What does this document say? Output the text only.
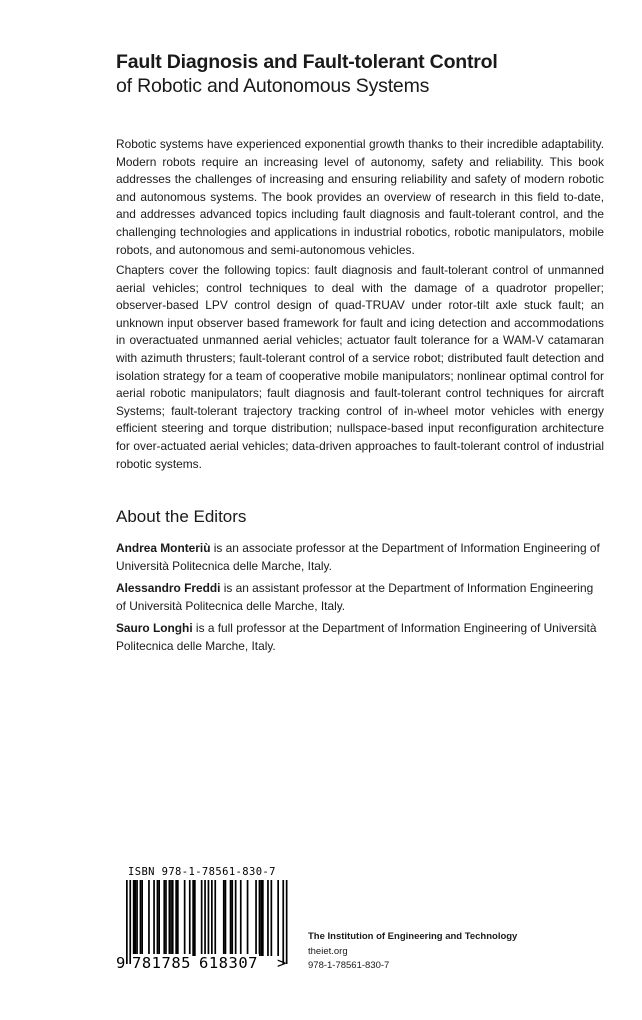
Fault Diagnosis and Fault-tolerant Control
of Robotic and Autonomous Systems

Robotic systems have experienced exponential growth thanks to their incredible adaptability. Modern robots require an increasing level of autonomy, safety and reliability. This book addresses the challenges of increasing and ensuring reliability and safety of modern robotic and autonomous systems. The book provides an overview of research in this field to-date, and addresses advanced topics including fault diagnosis and fault-tolerant control, and the challenging technologies and applications in industrial robotics, robotic manipulators, mobile robots, and autonomous and semi-autonomous vehicles.

Chapters cover the following topics: fault diagnosis and fault-tolerant control of unmanned aerial vehicles; control techniques to deal with the damage of a quadrotor propeller; observer-based LPV control design of quad-TRUAV under rotor-tilt axle stuck fault; an unknown input observer based framework for fault and icing detection and accommodations in overactuated unmanned aerial vehicles; actuator fault tolerance for a WAM-V catamaran with azimuth thrusters; fault-tolerant control of a service robot; distributed fault detection and isolation strategy for a team of cooperative mobile manipulators; nonlinear optimal control for aerial robotic manipulators; fault diagnosis and fault-tolerant control techniques for aircraft Systems; fault-tolerant trajectory tracking control of in-wheel motor vehicles with energy efficient steering and torque distribution; nullspace-based input reconfiguration architecture for over-actuated aerial vehicles; data-driven approaches to fault-tolerant control of industrial robotic systems.

About the Editors

Andrea Monteriù is an associate professor at the Department of Information Engineering of Università Politecnica delle Marche, Italy.

Alessandro Freddi is an assistant professor at the Department of Information Engineering of Università Politecnica delle Marche, Italy.

Sauro Longhi is a full professor at the Department of Information Engineering of Università Politecnica delle Marche, Italy.

ISBN 978-1-78561-830-7
9 781785 618307 >
The Institution of Engineering and Technology
theiet.org
978-1-78561-830-7
